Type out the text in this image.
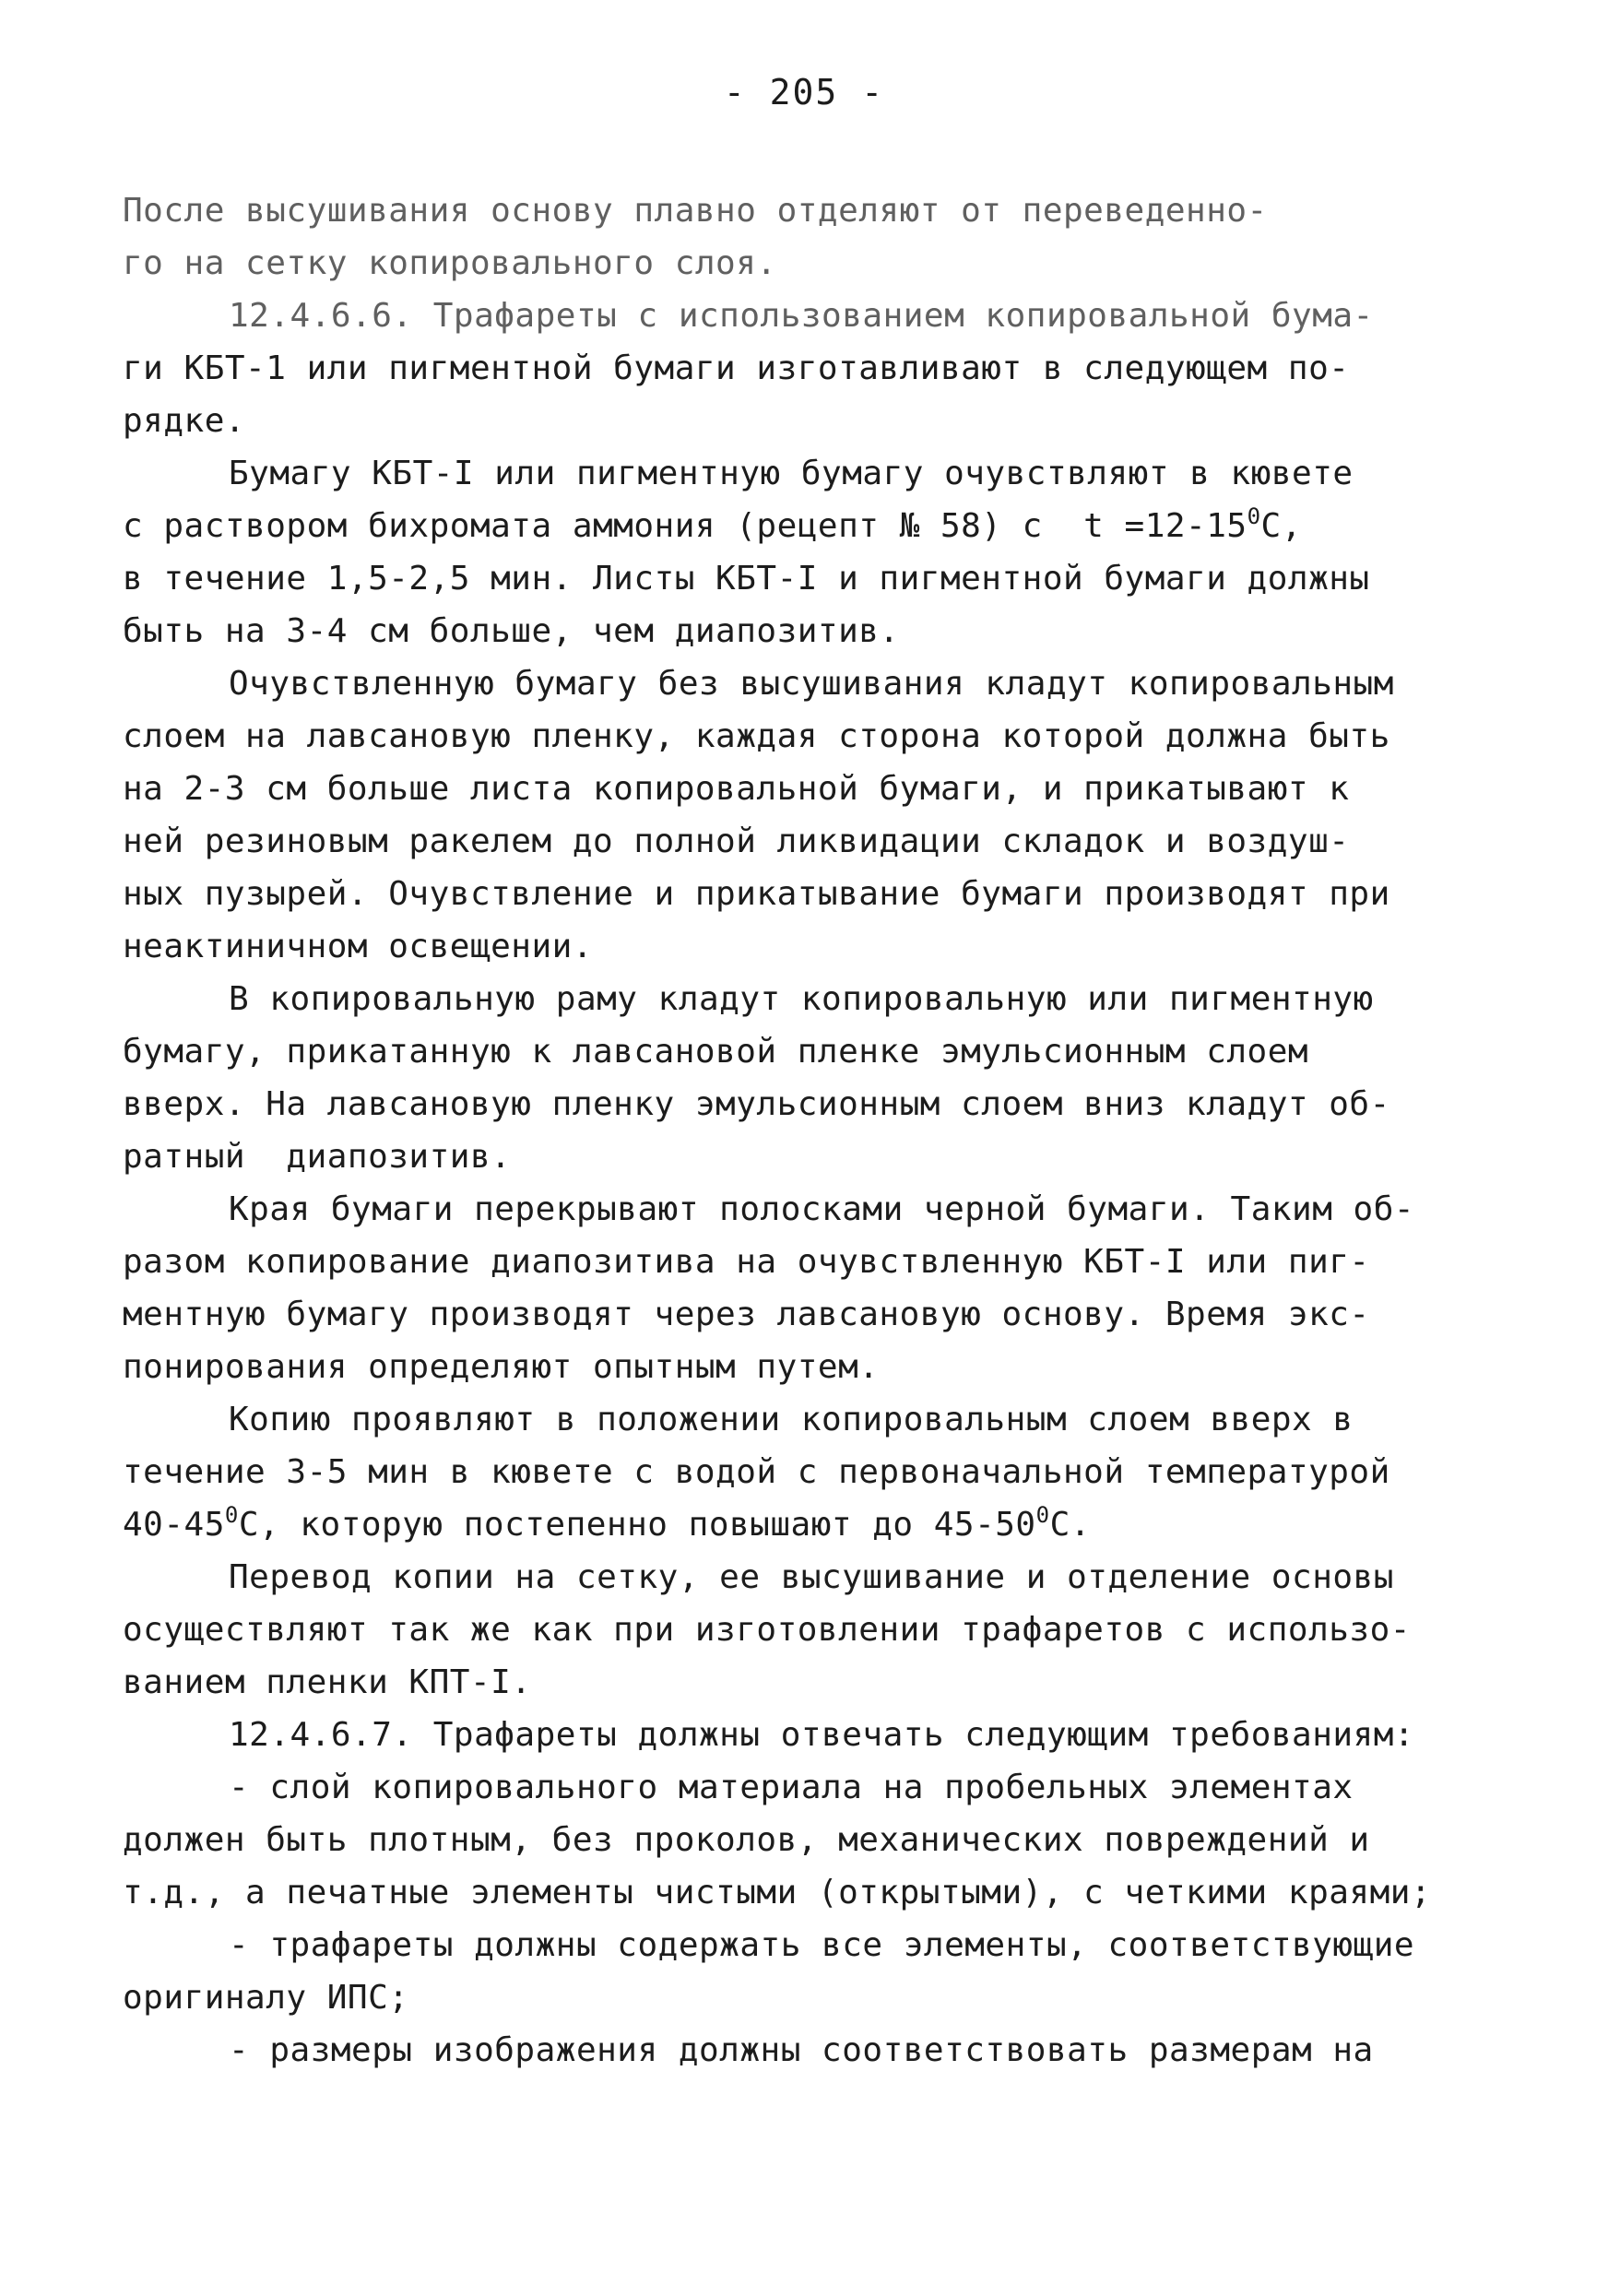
- 205 -
После высушивания основу плавно отделяют от переведенно-
го на сетку копировального слоя.
12.4.6.6. Трафареты с использованием копировальной бума-
ги КБТ-1 или пигментной бумаги изготавливают в следующем по-
рядке.
Бумагу КБТ-I или пигментную бумагу очувствляют в кювете
с раствором бихромата аммония (рецепт № 58) с  $t =12-15^0С$,
в течение 1,5-2,5 мин. Листы КБТ-I и пигментной бумаги должны
быть на 3-4 см больше, чем диапозитив.
Очувствленную бумагу без высушивания кладут копировальным
слоем на лавсановую пленку, каждая сторона которой должна быть
на 2-3 см больше листа копировальной бумаги, и прикатывают к
ней резиновым ракелем до полной ликвидации складок и воздуш-
ных пузырей. Очувствление и прикатывание бумаги производят при
неактиничном освещении.
В копировальную раму кладут копировальную или пигментную
бумагу, прикатанную к лавсановой пленке эмульсионным слоем
вверх. На лавсановую пленку эмульсионным слоем вниз кладут об-
ратный  диапозитив.
Края бумаги перекрывают полосками черной бумаги. Таким об-
разом копирование диапозитива на очувствленную КБТ-I или пиг-
ментную бумагу производят через лавсановую основу. Время экс-
понирования определяют опытным путем.
Копию проявляют в положении копировальным слоем вверх в
течение 3-5 мин в кювете с водой с первоначальной температурой
$40-45^0С$, которую постепенно повышают до $45-50^0С$.
Перевод копии на сетку, ее высушивание и отделение основы
осуществляют так же как при изготовлении трафаретов с использо-
ванием пленки КПТ-I.
12.4.6.7. Трафареты должны отвечать следующим требованиям:
- слой копировального материала на пробельных элементах
должен быть плотным, без проколов, механических повреждений и
т.д., а печатные элементы чистыми (открытыми), с четкими краями;
- трафареты должны содержать все элементы, соответствующие
оригиналу ИПС;
- размеры изображения должны соответствовать размерам на
